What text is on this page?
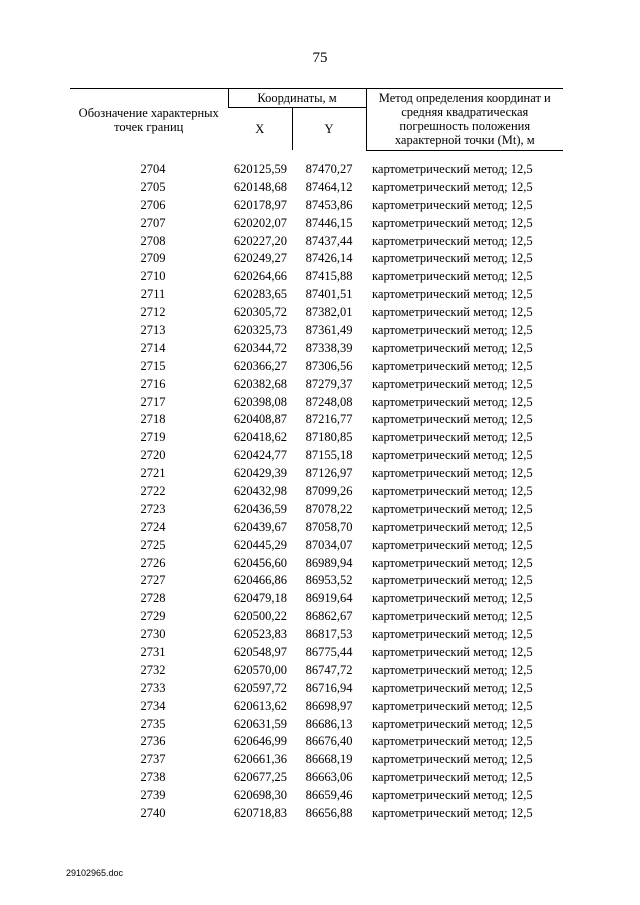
75
Обозначение характерных точек границ	Координаты, м		Метод определения координат и средняя квадратическая погрешность положения характерной точки (Mt), м
	X	Y	
2704	620125,59	87470,27	картометрический метод; 12,5
2705	620148,68	87464,12	картометрический метод; 12,5
2706	620178,97	87453,86	картометрический метод; 12,5
2707	620202,07	87446,15	картометрический метод; 12,5
2708	620227,20	87437,44	картометрический метод; 12,5
2709	620249,27	87426,14	картометрический метод; 12,5
2710	620264,66	87415,88	картометрический метод; 12,5
2711	620283,65	87401,51	картометрический метод; 12,5
2712	620305,72	87382,01	картометрический метод; 12,5
2713	620325,73	87361,49	картометрический метод; 12,5
2714	620344,72	87338,39	картометрический метод; 12,5
2715	620366,27	87306,56	картометрический метод; 12,5
2716	620382,68	87279,37	картометрический метод; 12,5
2717	620398,08	87248,08	картометрический метод; 12,5
2718	620408,87	87216,77	картометрический метод; 12,5
2719	620418,62	87180,85	картометрический метод; 12,5
2720	620424,77	87155,18	картометрический метод; 12,5
2721	620429,39	87126,97	картометрический метод; 12,5
2722	620432,98	87099,26	картометрический метод; 12,5
2723	620436,59	87078,22	картометрический метод; 12,5
2724	620439,67	87058,70	картометрический метод; 12,5
2725	620445,29	87034,07	картометрический метод; 12,5
2726	620456,60	86989,94	картометрический метод; 12,5
2727	620466,86	86953,52	картометрический метод; 12,5
2728	620479,18	86919,64	картометрический метод; 12,5
2729	620500,22	86862,67	картометрический метод; 12,5
2730	620523,83	86817,53	картометрический метод; 12,5
2731	620548,97	86775,44	картометрический метод; 12,5
2732	620570,00	86747,72	картометрический метод; 12,5
2733	620597,72	86716,94	картометрический метод; 12,5
2734	620613,62	86698,97	картометрический метод; 12,5
2735	620631,59	86686,13	картометрический метод; 12,5
2736	620646,99	86676,40	картометрический метод; 12,5
2737	620661,36	86668,19	картометрический метод; 12,5
2738	620677,25	86663,06	картометрический метод; 12,5
2739	620698,30	86659,46	картометрический метод; 12,5
2740	620718,83	86656,88	картометрический метод; 12,5
29102965.doc
